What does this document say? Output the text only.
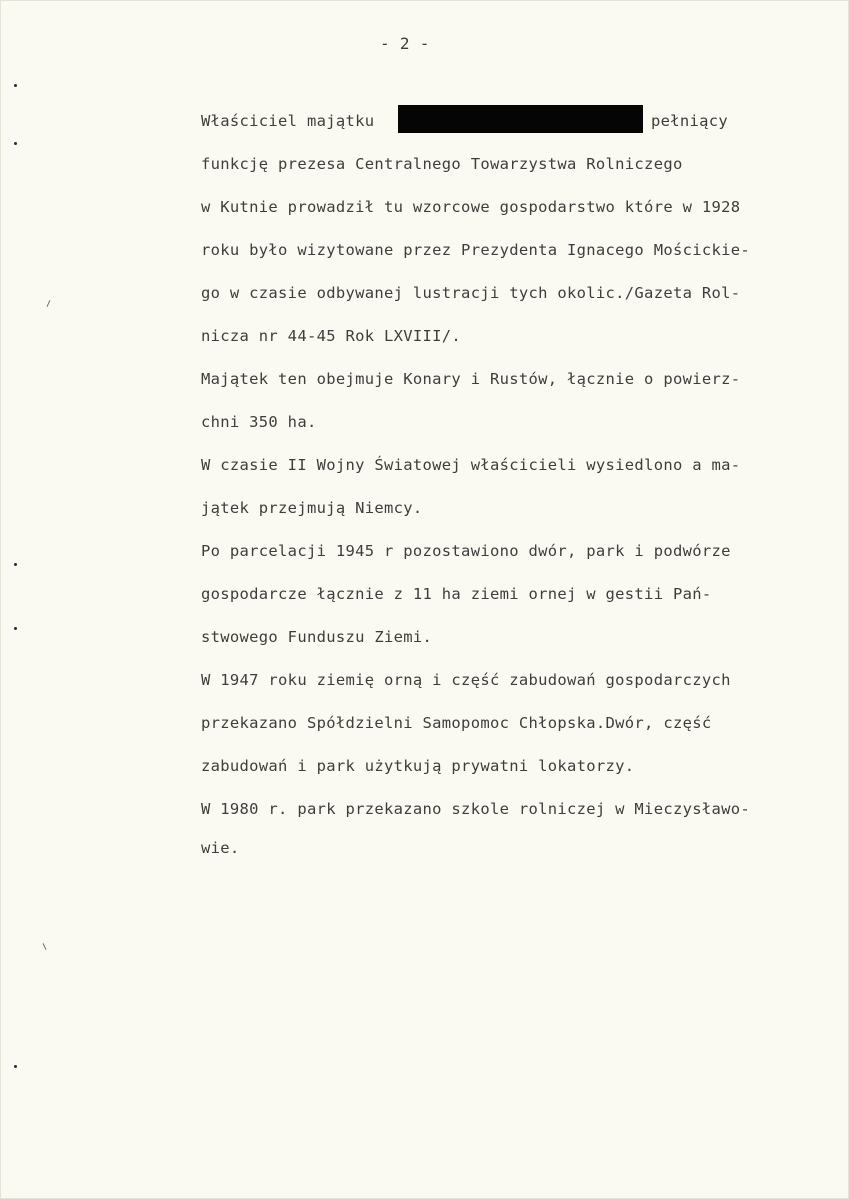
- 2 -
Właściciel majątku	pełniący
funkcję prezesa Centralnego Towarzystwa Rolniczego
w Kutnie prowadził tu wzorcowe gospodarstwo które w 1928
roku było wizytowane przez Prezydenta Ignacego Mościckie-
go w czasie odbywanej lustracji tych okolic./Gazeta Rol-
nicza nr 44-45 Rok LXVIII/.
Majątek ten obejmuje Konary i Rustów, łącznie o powierz-
chni 350 ha.
W czasie II Wojny Światowej właścicieli wysiedlono a ma-
jątek przejmują Niemcy.
Po parcelacji 1945 r pozostawiono dwór, park i podwórze
gospodarcze łącznie z 11 ha ziemi ornej w gestii Pań-
stwowego Funduszu Ziemi.
W 1947 roku ziemię orną i część zabudowań gospodarczych
przekazano Spółdzielni Samopomoc Chłopska.Dwór, część
zabudowań i park użytkują prywatni lokatorzy.
W 1980 r. park przekazano szkole rolniczej w Mieczysławo-
wie.
